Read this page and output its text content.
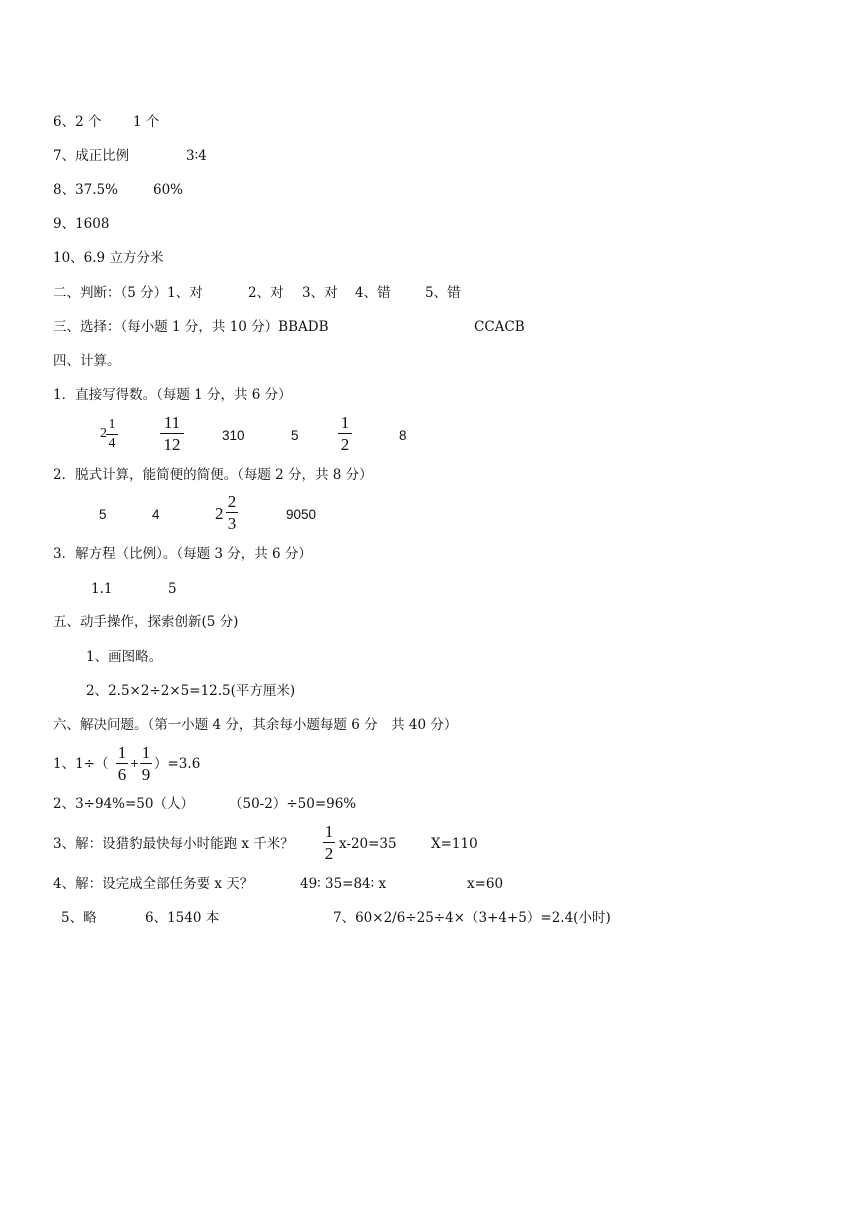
6、2 个 1 个
7、成正比例	3∶4
8、37.5%	60%
9、1608
10、6.9 立方分米
二、判断：（5 分）1、对	2、对 3、对 4、错	5、错
三、选择：（每小题 1 分，共 10 分）BBADB	CCACB
四、计算。
1．直接写得数。（每题 1 分，共 6 分）
2
1
4
11
12	310	5
1
2	8
2．脱式计算，能简便的简便。（每题 2 分，共 8 分）
5	4	2
2
3	9050
3．解方程（比例）。（每题 3 分，共 6 分）
1.1	5
五、动手操作，探索创新(5 分)
1、画图略。
2、2.5×2÷2×5=12.5(平方厘米)
六、解决问题。（第一小题 4 分，其余每小题每题 6 分　共 40 分）
1、1÷（
1
6
+
1
9
）=3.6
2、3÷94%=50（人）	（50-2）÷50=96%
3、解：设猎豹最快每小时能跑 x 千米？
1
2 x-20=35	X=110
4、解：设完成全部任务要 x 天？	49∶ 35=84∶ x	x=60
5、略	6、1540 本	7、60×2/6÷25÷4×（3+4+5）=2.4(小时)
